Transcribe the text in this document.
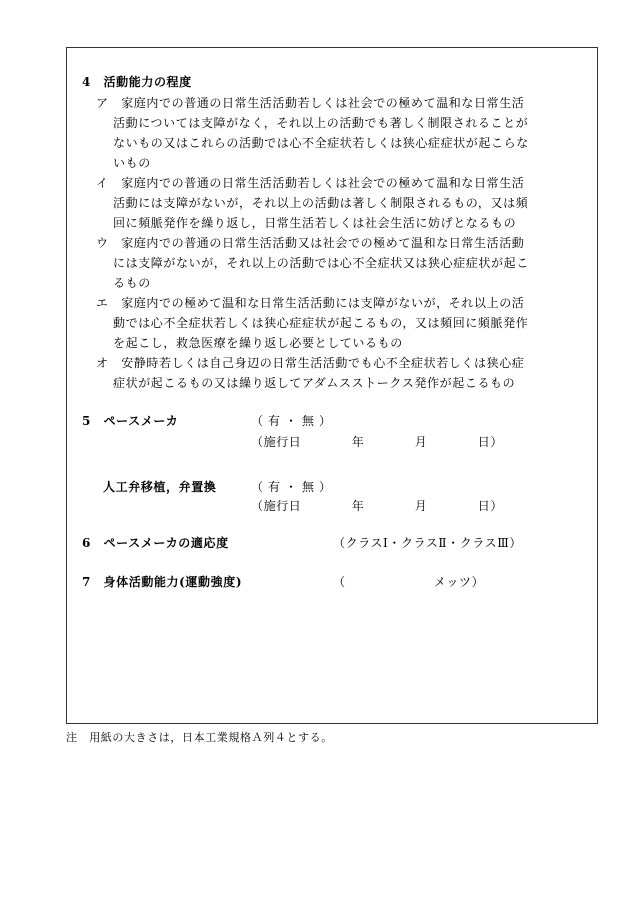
4　活動能力の程度
ア　家庭内での普通の日常生活活動若しくは社会での極めて温和な日常生活
活動については支障がなく，それ以上の活動でも著しく制限されることが
ないもの又はこれらの活動では心不全症状若しくは狭心症症状が起こらな
いもの
イ　家庭内での普通の日常生活活動若しくは社会での極めて温和な日常生活
活動には支障がないが，それ以上の活動は著しく制限されるもの，又は頻
回に頻脈発作を繰り返し，日常生活若しくは社会生活に妨げとなるもの
ウ　家庭内での普通の日常生活活動又は社会での極めて温和な日常生活活動
には支障がないが，それ以上の活動では心不全症状又は狭心症症状が起こ
るもの
エ　家庭内での極めて温和な日常生活活動には支障がないが，それ以上の活
動では心不全症状若しくは狭心症症状が起こるもの，又は頻回に頻脈発作
を起こし，救急医療を繰り返し必要としているもの
オ　安静時若しくは自己身辺の日常生活活動でも心不全症状若しくは狭心症
症状が起こるもの又は繰り返してアダムスストークス発作が起こるもの
5　ペースメーカ	（ 有 ・ 無 ）
（施行日　　　　年　　　　月　　　　日）
人工弁移植，弁置換	（ 有 ・ 無 ）
（施行日　　　　年　　　　月　　　　日）
6　ペースメーカの適応度	（クラスⅠ・クラスⅡ・クラスⅢ）
7　身体活動能力(運動強度)	（　　　　　　　メッツ）
注　用紙の大きさは，日本工業規格Ａ列４とする。
